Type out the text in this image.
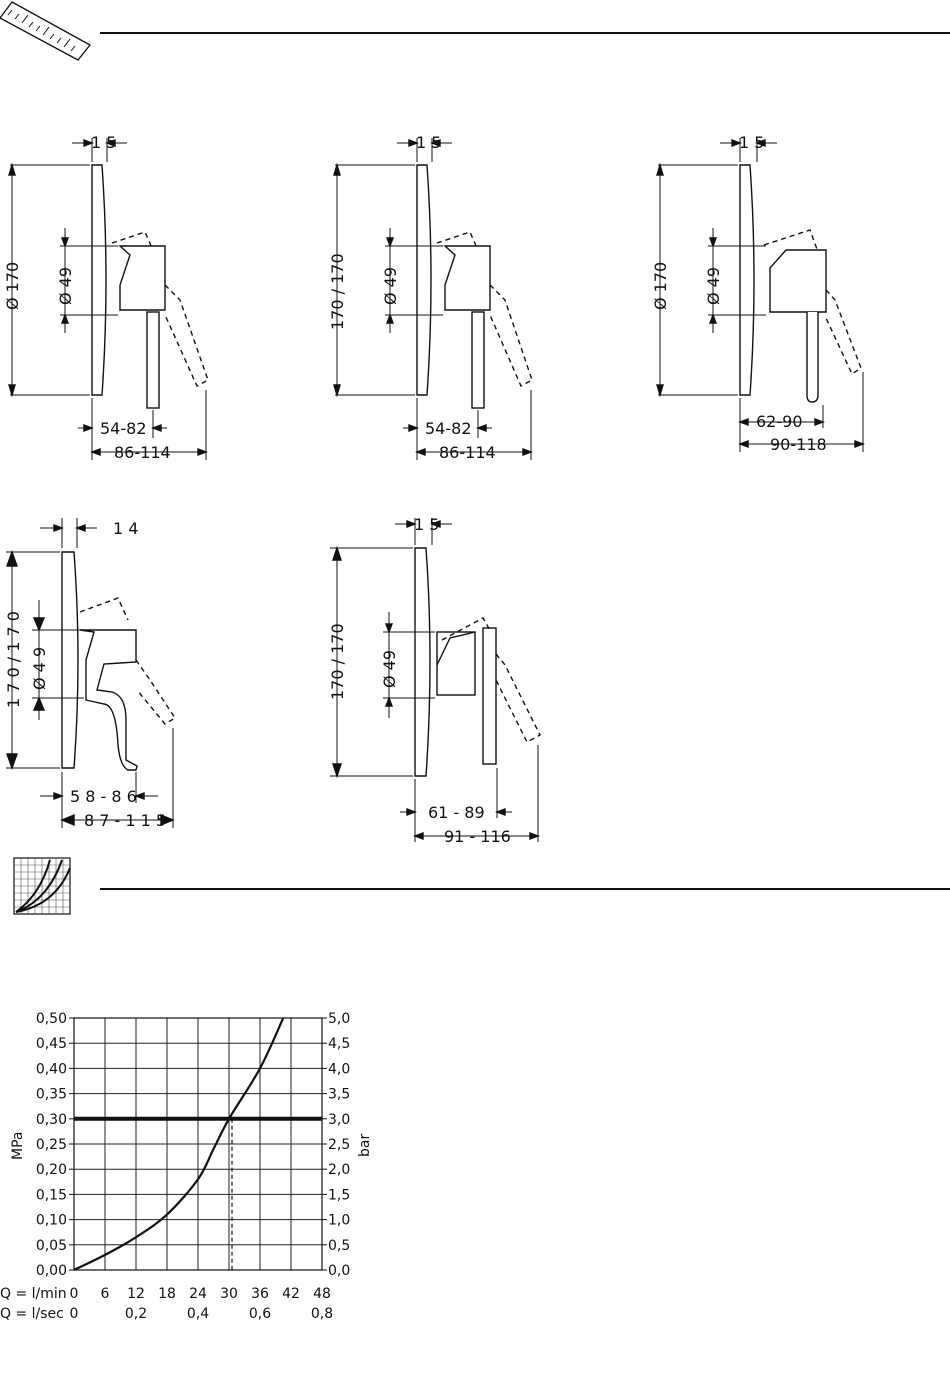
1 5
Ø 170 Ø 49
54-82
86-114
1 5
170 / 170 Ø 49
54-82
86-114
1 5
Ø 170 Ø 49
62-90
90-118
1 4
1 7 0 / 1 7 0 Ø 4 9
5 8 - 8 6
8 7 - 1 1 5
1 5
170 / 170 Ø 49
61 - 89
91 - 116
0,00
0,05
0,10
0,15
0,20
0,25
0,30
0,35
0,40
0,45
0,50
0,0
0,5
1,0
1,5
2,0
2,5
3,0
3,5
4,0
4,5
5,0
0 6 12 18 24 30 36 42 48
0	0,2	0,4	0,6	0,8
MPa	bar
Q = l/min
Q = l/sec
